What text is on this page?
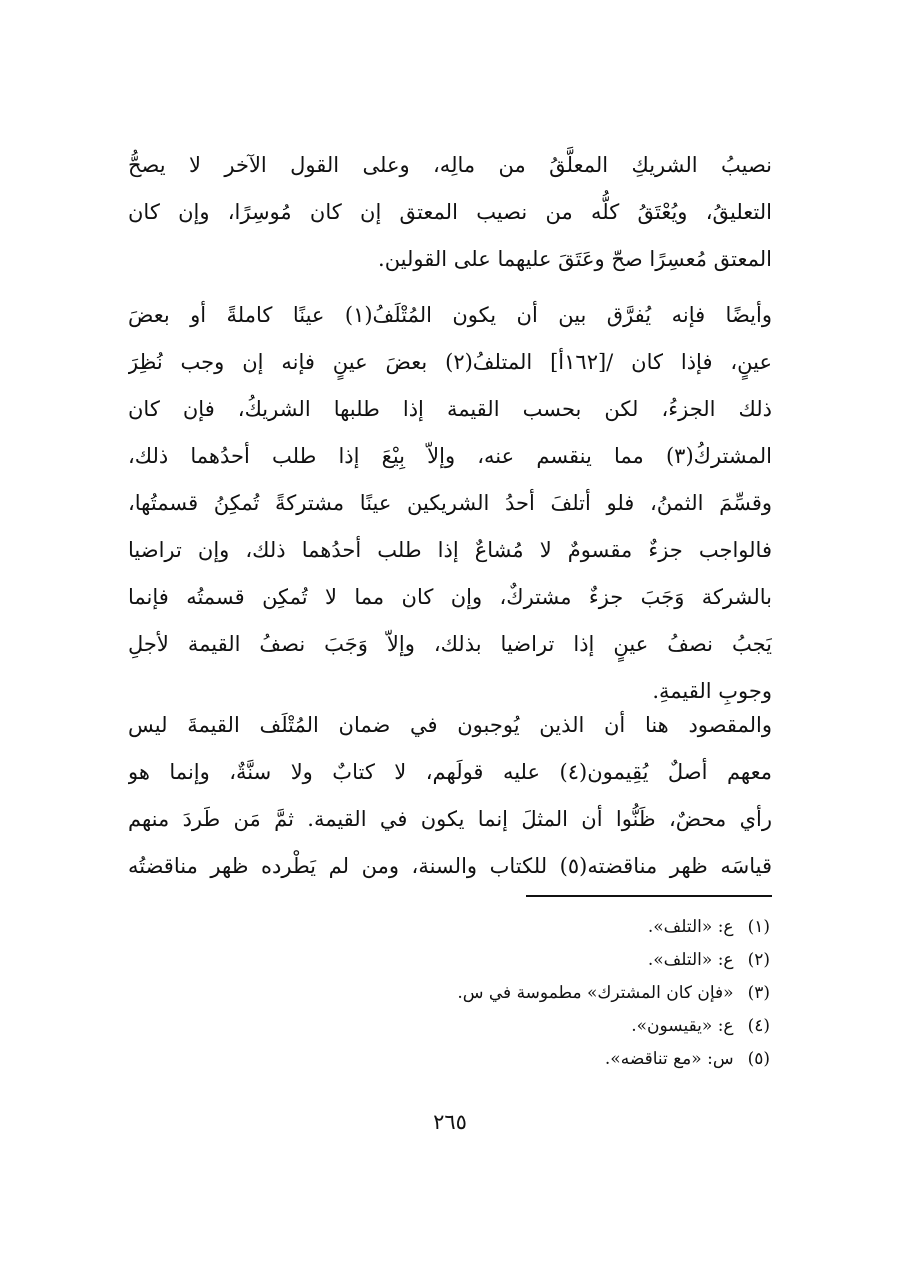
نصيبُ الشريكِ المعلَّقُ من مالِه، وعلى القول الآخر لا يصحُّ
التعليقُ، ويُعْتَقُ كلُّه من نصيب المعتق إن كان مُوسِرًا، وإن كان
المعتق مُعسِرًا صحّ وعَتَقَ عليهما على القولين.
وأيضًا فإنه يُفرَّق بين أن يكون المُتْلَفُ(١) عينًا كاملةً أو بعضَ
عينٍ، فإذا كان /[١٦٢أ] المتلفُ(٢) بعضَ عينٍ فإنه إن وجب نُظِرَ
ذلك الجزءُ، لكن بحسب القيمة إذا طلبها الشريكُ، فإن كان
المشتركُ(٣) مما ينقسم عنه، وإلاّ بِيْعَ إذا طلب أحدُهما ذلك،
وقسِّمَ الثمنُ، فلو أتلفَ أحدُ الشريكين عينًا مشتركةً تُمكِنُ قسمتُها،
فالواجب جزءٌ مقسومٌ لا مُشاعٌ إذا طلب أحدُهما ذلك، وإن تراضيا
بالشركة وَجَبَ جزءٌ مشتركٌ، وإن كان مما لا تُمكِن قسمتُه فإنما
يَجبُ نصفُ عينٍ إذا تراضيا بذلك، وإلاّ وَجَبَ نصفُ القيمة لأجلِ
وجوبِ القيمةِ.
والمقصود هنا أن الذين يُوجبون في ضمان المُتْلَف القيمةَ ليس
معهم أصلٌ يُقِيمون(٤) عليه قولَهم، لا كتابٌ ولا سنَّةٌ، وإنما هو
رأي محضٌ، ظَنُّوا أن المثلَ إنما يكون في القيمة. ثمَّ مَن طَردَ منهم
قياسَه ظهر مناقضته(٥) للكتاب والسنة، ومن لم يَطْرده ظهر مناقضتُه
(١)ع: «التلف».
(٢)ع: «التلف».
(٣)«فإن كان المشترك» مطموسة في س.
(٤)ع: «يقيسون».
(٥)س: «مع تناقضه».
٢٦٥
